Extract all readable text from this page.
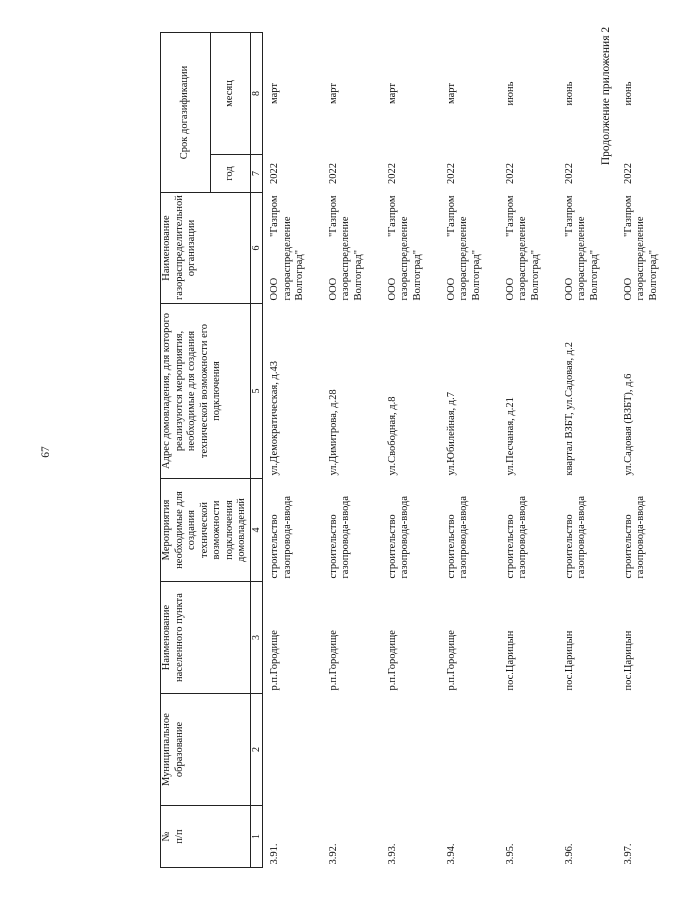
67
Продолжение приложения 2
№
п/п	Муниципальное образование	Наименование населенного пункта	Мероприятия необходимые для создания технической возможности подключения домовладений	Адрес домовладения, для которого реализуются мероприятия, необходимые для создания технической возможности его подключения	Наименование газораспределительной организации	Срок догазификации	
						год	месяц
1	2	3	4	5	6	7	8
3.91.		р.п.Городище	строительство газопровода-ввода	ул.Демократическая, д.43	ООО "Газпром газораспределение Волгоград"	2022	март
3.92.		р.п.Городище	строительство газопровода-ввода	ул.Димитрова, д.28	ООО "Газпром газораспределение Волгоград"	2022	март
3.93.		р.п.Городище	строительство газопровода-ввода	ул.Свободная, д.8	ООО "Газпром газораспределение Волгоград"	2022	март
3.94.		р.п.Городище	строительство газопровода-ввода	ул.Юбилейная, д.7	ООО "Газпром газораспределение Волгоград"	2022	март
3.95.		пос.Царицын	строительство газопровода-ввода	ул.Песчаная, д.21	ООО "Газпром газораспределение Волгоград"	2022	июнь
3.96.		пос.Царицын	строительство газопровода-ввода	квартал ВЗБТ, ул.Садовая, д.2	ООО "Газпром газораспределение Волгоград"	2022	июнь
3.97.		пос.Царицын	строительство газопровода-ввода	ул.Садовая (ВЗБТ), д.6	ООО "Газпром газораспределение Волгоград"	2022	июнь
